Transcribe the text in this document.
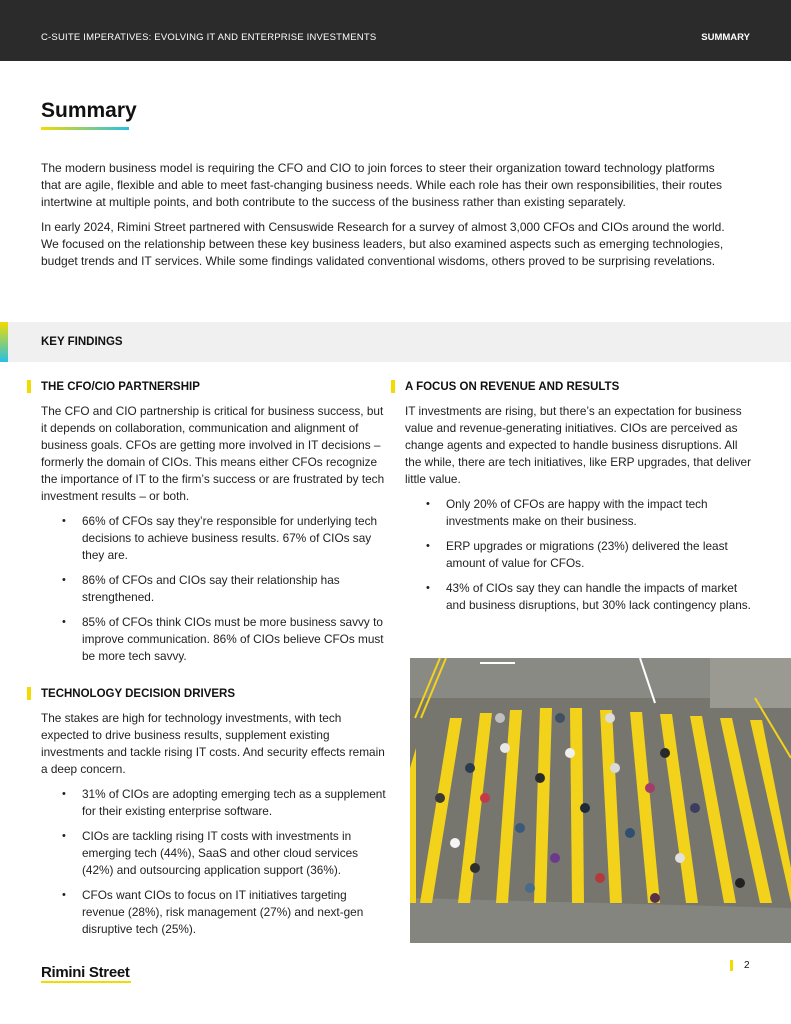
C-SUITE IMPERATIVES: EVOLVING IT AND ENTERPRISE INVESTMENTS	SUMMARY
Summary

The modern business model is requiring the CFO and CIO to join forces to steer their organization toward technology platforms that are agile, flexible and able to meet fast-changing business needs. While each role has their own responsibilities, their routes intertwine at multiple points, and both contribute to the success of the business rather than existing separately.

In early 2024, Rimini Street partnered with Censuswide Research for a survey of almost 3,000 CFOs and CIOs around the world. We focused on the relationship between these key business leaders, but also examined aspects such as emerging technologies, budget trends and IT services. While some findings validated conventional wisdoms, others proved to be surprising revelations.

KEY FINDINGS
THE CFO/CIO PARTNERSHIP

The CFO and CIO partnership is critical for business success, but it depends on collaboration, communication and alignment of business goals. CFOs are getting more involved in IT decisions – formerly the domain of CIOs. This means either CFOs recognize the importance of IT to the firm’s success or are frustrated by tech investment results – or both.

• 66% of CFOs say they’re responsible for underlying tech decisions to achieve business results. 67% of CIOs say they are.
• 86% of CFOs and CIOs say their relationship has strengthened.
• 85% of CFOs think CIOs must be more business savvy to improve communication. 86% of CIOs believe CFOs must be more tech savvy.
TECHNOLOGY DECISION DRIVERS

The stakes are high for technology investments, with tech expected to drive business results, supplement existing investments and tackle rising IT costs. And security effects remain a deep concern.

• 31% of CIOs are adopting emerging tech as a supplement for their existing enterprise software.
• CIOs are tackling rising IT costs with investments in emerging tech (44%), SaaS and other cloud services (42%) and outsourcing application support (36%).
• CFOs want CIOs to focus on IT initiatives targeting revenue (28%), risk management (27%) and next-gen disruptive tech (25%).
A FOCUS ON REVENUE AND RESULTS

IT investments are rising, but there’s an expectation for business value and revenue-generating initiatives. CIOs are perceived as change agents and expected to handle business disruptions. All the while, there are tech initiatives, like ERP upgrades, that deliver little value.

• Only 20% of CFOs are happy with the impact tech investments make on their business.
• ERP upgrades or migrations (23%) delivered the least amount of value for CFOs.
• 43% of CIOs say they can handle the impacts of market and business disruptions, but 30% lack contingency plans.
Rimini Street	2
